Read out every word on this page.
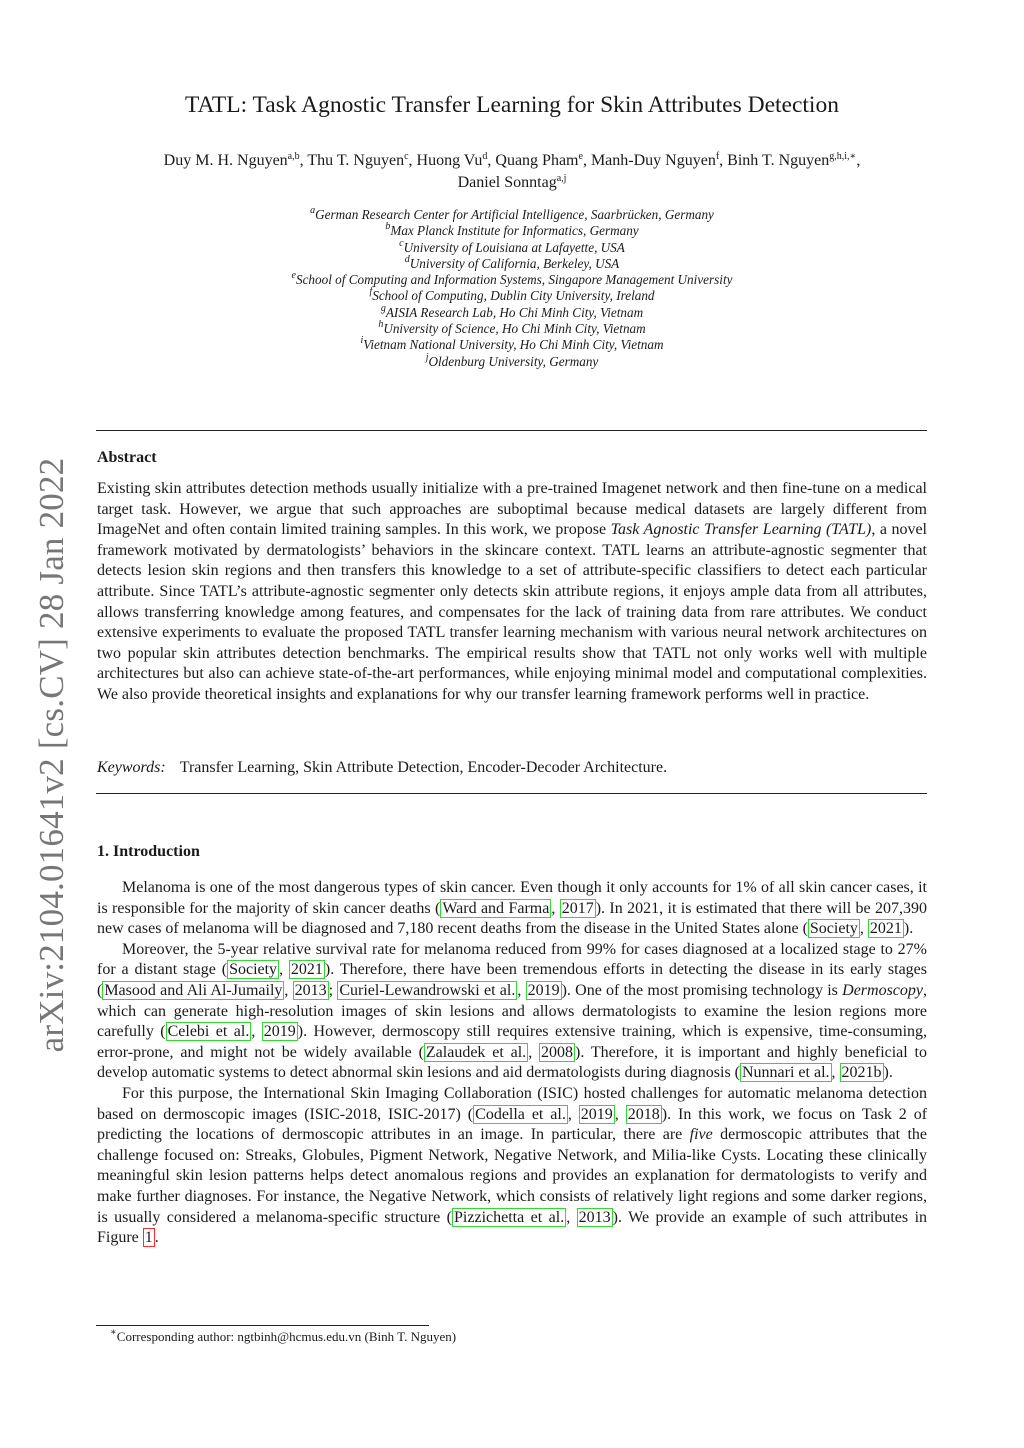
arXiv:2104.01641v2 [cs.CV] 28 Jan 2022
TATL: Task Agnostic Transfer Learning for Skin Attributes Detection
Duy M. H. Nguyen$^{a,b}$, Thu T. Nguyen$^c$, Huong Vu$^d$, Quang Pham$^e$, Manh-Duy Nguyen$^f$, Binh T. Nguyen$^{g,h,i,∗}$,
Daniel Sonntag$^{a,j}$
$^a$German Research Center for Artificial Intelligence, Saarbrücken, Germany
$^b$Max Planck Institute for Informatics, Germany
$^c$University of Louisiana at Lafayette, USA
$^d$University of California, Berkeley, USA
$^e$School of Computing and Information Systems, Singapore Management University
$^f$School of Computing, Dublin City University, Ireland
$^g$AISIA Research Lab, Ho Chi Minh City, Vietnam
$^h$University of Science, Ho Chi Minh City, Vietnam
$^i$Vietnam National University, Ho Chi Minh City, Vietnam
$^j$Oldenburg University, Germany
Abstract
Existing skin attributes detection methods usually initialize with a pre-trained Imagenet network and then fine-tune on a medical target task. However, we argue that such approaches are suboptimal because medical datasets are largely different from ImageNet and often contain limited training samples. In this work, we propose Task Agnostic Transfer Learning (TATL), a novel framework motivated by dermatologists’ behaviors in the skincare context. TATL learns an attribute-agnostic segmenter that detects lesion skin regions and then transfers this knowledge to a set of attribute-specific classifiers to detect each particular attribute. Since TATL’s attribute-agnostic segmenter only detects skin attribute regions, it enjoys ample data from all attributes, allows transferring knowledge among features, and compensates for the lack of training data from rare attributes. We conduct extensive experiments to evaluate the proposed TATL transfer learning mechanism with various neural network architectures on two popular skin attributes detection benchmarks. The empirical results show that TATL not only works well with multiple architectures but also can achieve state-of-the-art performances, while enjoying minimal model and computational complexities. We also provide theoretical insights and explanations for why our transfer learning framework performs well in practice.
Keywords: Transfer Learning, Skin Attribute Detection, Encoder-Decoder Architecture.
1. Introduction

Melanoma is one of the most dangerous types of skin cancer. Even though it only accounts for 1% of all skin cancer cases, it is responsible for the majority of skin cancer deaths ( Ward and Farma , 2017 ). In 2021, it is estimated that there will be 207,390 new cases of melanoma will be diagnosed and 7,180 recent deaths from the disease in the United States alone ( Society , 2021 ).

Moreover, the 5-year relative survival rate for melanoma reduced from 99% for cases diagnosed at a localized stage to 27% for a distant stage ( Society , 2021 ). Therefore, there have been tremendous efforts in detecting the disease in its early stages ( Masood and Ali Al-Jumaily , 2013 ; Curiel-Lewandrowski et al. , 2019 ). One of the most promising technology is Dermoscopy, which can generate high-resolution images of skin lesions and allows dermatologists to examine the lesion regions more carefully ( Celebi et al. , 2019 ). However, dermoscopy still requires extensive training, which is expensive, time-consuming, error-prone, and might not be widely available ( Zalaudek et al. , 2008 ). Therefore, it is important and highly beneficial to develop automatic systems to detect abnormal skin lesions and aid dermatologists during diagnosis ( Nunnari et al. , 2021b ).

For this purpose, the International Skin Imaging Collaboration (ISIC) hosted challenges for automatic melanoma detection based on dermoscopic images (ISIC-2018, ISIC-2017) ( Codella et al. , 2019 , 2018 ). In this work, we focus on Task 2 of predicting the locations of dermoscopic attributes in an image. In particular, there are five dermoscopic attributes that the challenge focused on: Streaks, Globules, Pigment Network, Negative Network, and Milia-like Cysts. Locating these clinically meaningful skin lesion patterns helps detect anomalous regions and provides an explanation for dermatologists to verify and make further diagnoses. For instance, the Negative Network, which consists of relatively light regions and some darker regions, is usually considered a melanoma-specific structure ( Pizzichetta et al. , 2013 ). We provide an example of such attributes in Figure 1 .

∗Corresponding author: ngtbinh@hcmus.edu.vn (Binh T. Nguyen)
